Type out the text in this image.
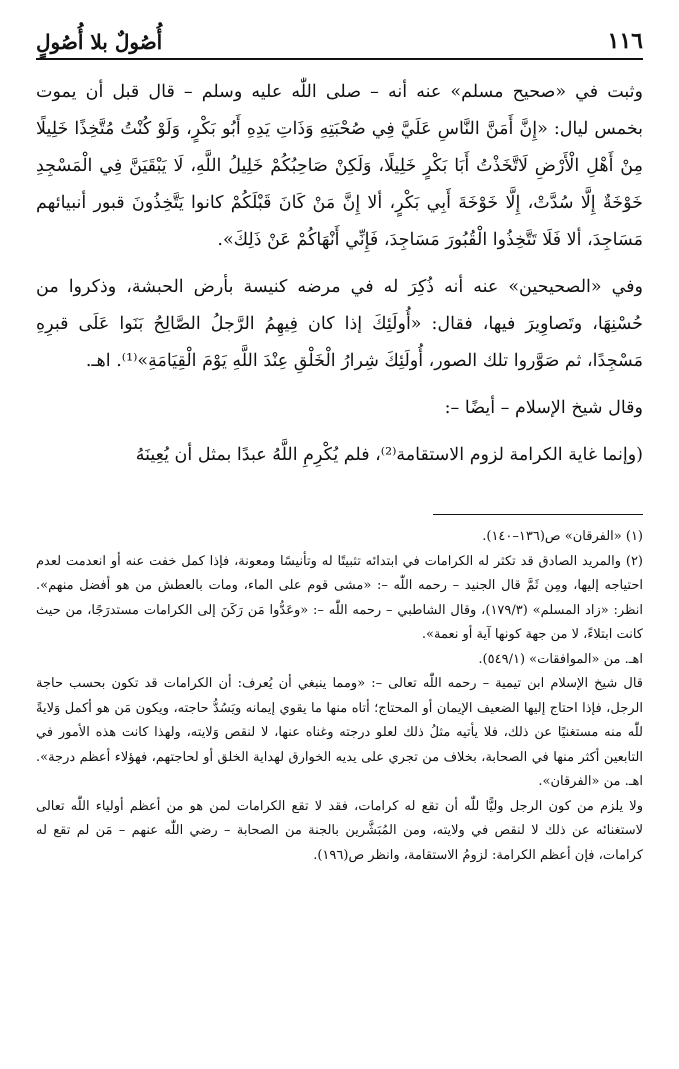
١١٦
أُصُولٌ بلا أُصُولٍ

وثبت في «صحيح مسلم» عنه أنه – صلى اللّٰه عليه وسلم – قال قبل أن يموت بخمس ليال: «إِنَّ أَمَنَّ النَّاسِ عَلَيَّ فِي صُحْبَتِهِ وَذَاتِ يَدِهِ أَبُو بَكْرٍ، وَلَوْ كُنْتُ مُتَّخِذًا خَلِيلًا مِنْ أَهْلِ الْأَرْضِ لَاتَّخَذْتُ أَبَا بَكْرٍ خَلِيلًا، وَلَكِنْ صَاحِبُكُمْ خَلِيلُ اللَّهِ، لَا يَبْقَيَنَّ فِي الْمَسْجِدِ خَوْخَةٌ إِلَّا سُدَّتْ، إِلَّا خَوْخَةَ أَبِي بَكْرٍ، ألا إِنَّ مَنْ كَانَ قَبْلَكُمْ كانوا يَتَّخِذُونَ قبور أنبيائهم مَسَاجِدَ، ألا فَلَا تَتَّخِذُوا الْقُبُورَ مَسَاجِدَ، فَإِنِّي أَنْهَاكُمْ عَنْ ذَلِكَ».

وفي «الصحيحين» عنه أنه ذُكِرَ له في مرضه كنيسة بأرض الحبشة، وذكروا من حُسْنِهَا، وتَصاوِيرَ فيها، فقال: «أُولَئِكَ إذا كان فِيهِمُ الرَّجلُ الصَّالِحُ بَنَوا عَلَى قبرِهِ مَسْجِدًا، ثم صَوَّروا تلك الصور، أُولَئِكَ شِرارُ الْخَلْقِ عِنْدَ اللَّهِ يَوْمَ الْقِيَامَةِ»⁽¹⁾. اهـ.

وقال شيخ الإسلام – أيضًا –:

(وإنما غاية الكرامة لزوم الاستقامة⁽²⁾، فلم يُكْرِمِ اللَّهُ عبدًا بمثل أن يُعِينَهُ

(١) «الفرقان» ص(١٣٦–١٤٠).

(٢) والمريد الصادق قد تكثر له الكرامات في ابتدائه تثبيتًا له وتأنيسًا ومعونة، فإذا كمل خفت عنه أو انعدمت لعدم احتياجه إليها، ومِن ثَمَّ قال الجنيد – رحمه اللّٰه –: «مشى قوم على الماء، ومات بالعطش من هو أفضل منهم». انظر: «زاد المسلم» (١٧٩/٣)، وقال الشاطبي – رحمه اللّٰه –: «وعَدُّوا مَن رَكَنَ إلى الكرامات مستدرَجًا، من حيث كانت ابتلاءً، لا من جهة كونها آية أو نعمة».

اهـ. من «الموافقات» (٥٤٩/١).

قال شيخ الإسلام ابن تيمية – رحمه اللّٰه تعالى –: «ومما ينبغي أن يُعرف: أن الكرامات قد تكون بحسب حاجة الرجل، فإذا احتاج إليها الضعيف الإيمان أو المحتاج؛ أتاه منها ما يقوي إيمانه ويَسُدُّ حاجته، ويكون مَن هو أكمل وَلايةً للّٰه منه مستغنيًا عن ذلك، فلا يأتيه مثلُ ذلك لعلو درجته وغناه عنها، لا لنقص وَلايته، ولهذا كانت هذه الأمور في التابعين أكثر منها في الصحابة، بخلاف من تجري على يديه الخوارق لهداية الخلق أو لحاجتهم، فهؤلاء أعظم درجة». اهـ. من «الفرقان».

ولا يلزم من كون الرجل وليًّا للّٰه أن تقع له كرامات، فقد لا تقع الكرامات لمن هو من أعظم أولياء اللّٰه تعالى لاستغنائه عن ذلك لا لنقص في ولايته، ومن المُبَشَّرين بالجنة من الصحابة – رضي اللّٰه عنهم – مَن لم تقع له كرامات، فإن أعظم الكرامة: لزومُ الاستقامة، وانظر ص(١٩٦).
